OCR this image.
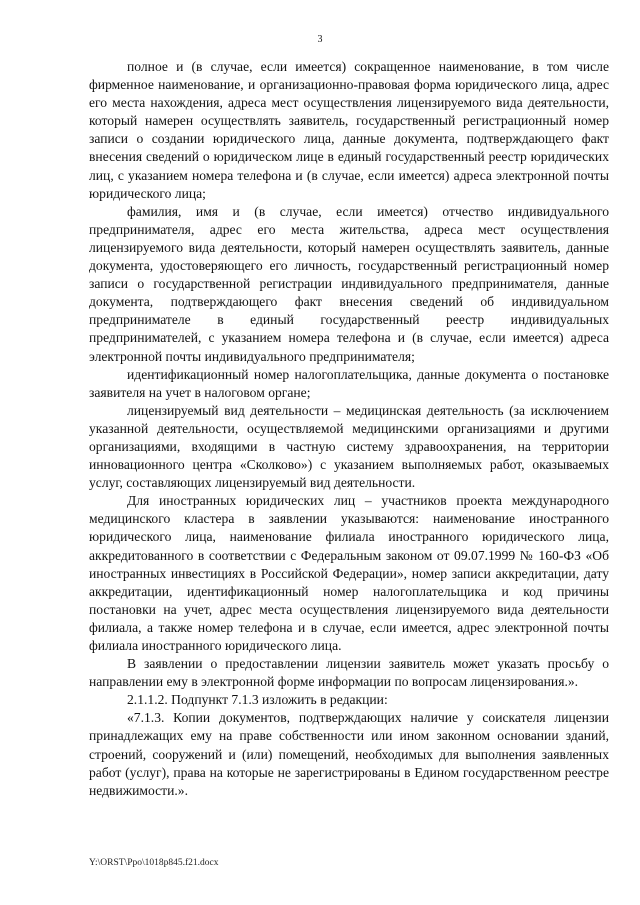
3

полное и (в случае, если имеется) сокращенное наименование, в том числе фирменное наименование, и организационно-правовая форма юридического лица, адрес его места нахождения, адреса мест осуществления лицензируемого вида деятельности, который намерен осуществлять заявитель, государственный регистрационный номер записи о создании юридического лица, данные документа, подтверждающего факт внесения сведений о юридическом лице в единый государственный реестр юридических лиц, с указанием номера телефона и (в случае, если имеется) адреса электронной почты юридического лица;

фамилия, имя и (в случае, если имеется) отчество индивидуального предпринимателя, адрес его места жительства, адреса мест осуществления лицензируемого вида деятельности, который намерен осуществлять заявитель, данные документа, удостоверяющего его личность, государственный регистрационный номер записи о государственной регистрации индивидуального предпринимателя, данные документа, подтверждающего факт внесения сведений об индивидуальном предпринимателе в единый государственный реестр индивидуальных предпринимателей, с указанием номера телефона и (в случае, если имеется) адреса электронной почты индивидуального предпринимателя;

идентификационный номер налогоплательщика, данные документа о постановке заявителя на учет в налоговом органе;

лицензируемый вид деятельности – медицинская деятельность (за исключением указанной деятельности, осуществляемой медицинскими организациями и другими организациями, входящими в частную систему здравоохранения, на территории инновационного центра «Сколково») с указанием выполняемых работ, оказываемых услуг, составляющих лицензируемый вид деятельности.

Для иностранных юридических лиц – участников проекта международного медицинского кластера в заявлении указываются: наименование иностранного юридического лица, наименование филиала иностранного юридического лица, аккредитованного в соответствии с Федеральным законом от 09.07.1999 № 160-ФЗ «Об иностранных инвестициях в Российской Федерации», номер записи аккредитации, дату аккредитации, идентификационный номер налогоплательщика и код причины постановки на учет, адрес места осуществления лицензируемого вида деятельности филиала, а также номер телефона и в случае, если имеется, адрес электронной почты филиала иностранного юридического лица.

В заявлении о предоставлении лицензии заявитель может указать просьбу о направлении ему в электронной форме информации по вопросам лицензирования.».

2.1.1.2. Подпункт 7.1.3 изложить в редакции:

«7.1.3. Копии документов, подтверждающих наличие у соискателя лицензии принадлежащих ему на праве собственности или ином законном основании зданий, строений, сооружений и (или) помещений, необходимых для выполнения заявленных работ (услуг), права на которые не зарегистрированы в Едином государственном реестре недвижимости.».

Y:\ORST\Ppo\1018p845.f21.docx
